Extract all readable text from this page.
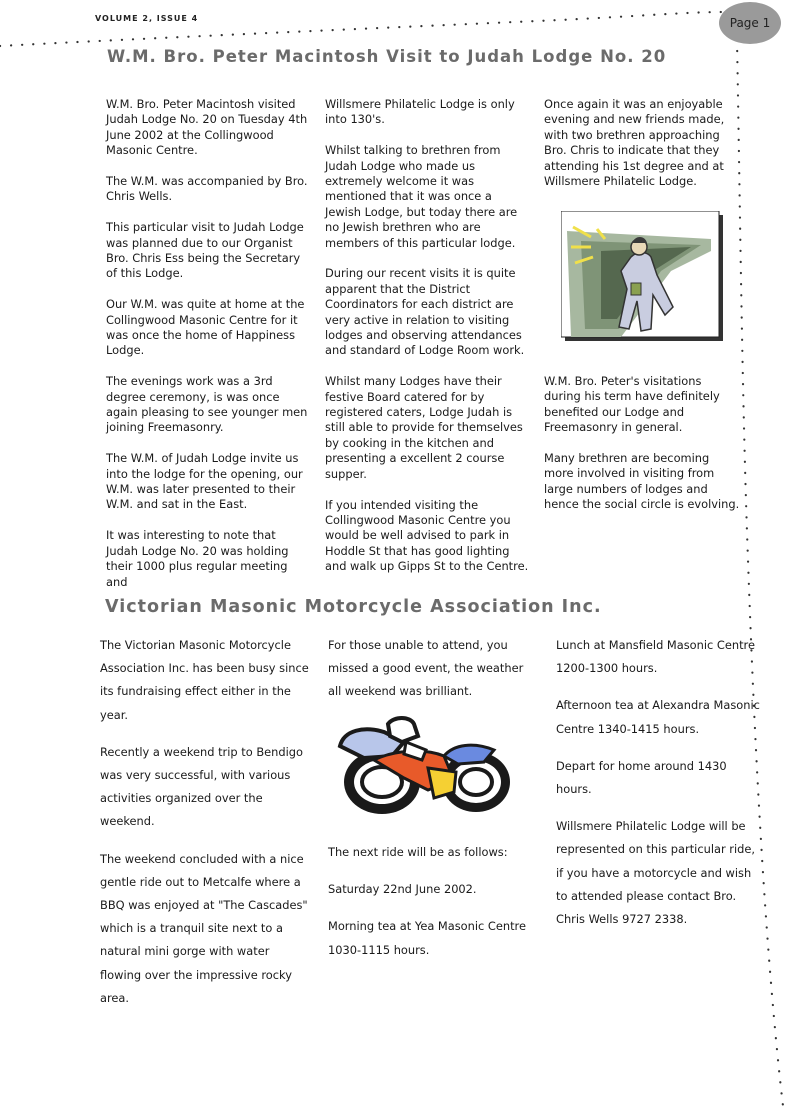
VOLUME 2, ISSUE 4	Page 1
W.M. Bro. Peter Macintosh Visit to Judah Lodge No. 20

W.M. Bro. Peter Macintosh visited Judah Lodge No. 20 on Tuesday 4th June 2002 at the Collingwood Masonic Centre.

The W.M. was accompanied by Bro. Chris Wells.

This particular visit to Judah Lodge was planned due to our Organist Bro. Chris Ess being the Secretary of this Lodge.

Our W.M. was quite at home at the Collingwood Masonic Centre for it was once the home of Happiness Lodge.

The evenings work was a 3rd degree ceremony, is was once again pleasing to see younger men joining Freemasonry.

The W.M. of Judah Lodge invite us into the lodge for the opening, our W.M. was later presented to their W.M. and sat in the East.

It was interesting to note that Judah Lodge No. 20 was holding their 1000 plus regular meeting and

Willsmere Philatelic Lodge is only into 130's.

Whilst talking to brethren from Judah Lodge who made us extremely welcome it was mentioned that it was once a Jewish Lodge, but today there are no Jewish brethren who are members of this particular lodge.

During our recent visits it is quite apparent that the District Coordinators for each district are very active in relation to visiting lodges and observing attendances and standard of Lodge Room work.

Whilst many Lodges have their festive Board catered for by registered caters, Lodge Judah is still able to provide for themselves by cooking in the kitchen and presenting a excellent 2 course supper.

If you intended visiting the Collingwood Masonic Centre you would be well advised to park in Hoddle St that has good lighting and walk up Gipps St to the Centre.

Once again it was an enjoyable evening and new friends made, with two brethren approaching Bro. Chris to indicate that they attending his 1st degree and at Willsmere Philatelic Lodge.

W.M. Bro. Peter's visitations during his term have definitely benefited our Lodge and Freemasonry in general.

Many brethren are becoming more involved in visiting from large numbers of lodges and hence the social circle is evolving.

Victorian Masonic Motorcycle Association Inc.

The Victorian Masonic Motorcycle Association Inc. has been busy since its fundraising effect either in the year.

Recently a weekend trip to Bendigo was very successful, with various activities organized over the weekend.

The weekend concluded with a nice gentle ride out to Metcalfe where a BBQ was enjoyed at "The Cascades" which is a tranquil site next to a natural mini gorge with water flowing over the impressive rocky area.

For those unable to attend, you missed a good event, the weather all weekend was brilliant.

The next ride will be as follows:

Saturday 22nd June 2002.

Morning tea at Yea Masonic Centre 1030-1115 hours.

Lunch at Mansfield Masonic Centre 1200-1300 hours.

Afternoon tea at Alexandra Masonic Centre 1340-1415 hours.

Depart for home around 1430 hours.

Willsmere Philatelic Lodge will be represented on this particular ride, if you have a motorcycle and wish to attended please contact Bro. Chris Wells 9727 2338.
